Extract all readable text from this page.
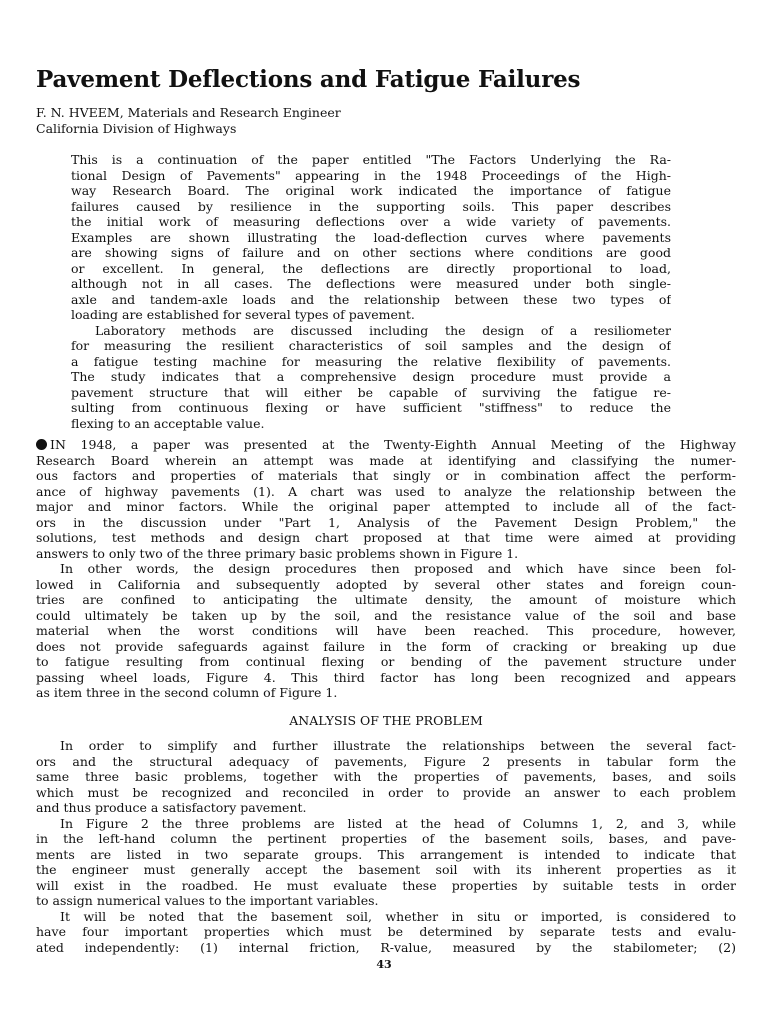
Pavement Deflections and Fatigue Failures
F. N. HVEEM, Materials and Research Engineer
California Division of Highways
This is a continuation of the paper entitled "The Factors Underlying the Ra-
tional Design of Pavements" appearing in the 1948 Proceedings of the High-
way Research Board. The original work indicated the importance of fatigue
failures caused by resilience in the supporting soils. This paper describes
the initial work of measuring deflections over a wide variety of pavements.
Examples are shown illustrating the load-deflection curves where pavements
are showing signs of failure and on other sections where conditions are good
or excellent. In general, the deflections are directly proportional to load,
although not in all cases. The deflections were measured under both single-
axle and tandem-axle loads and the relationship between these two types of
loading are established for several types of pavement.
Laboratory methods are discussed including the design of a resiliometer
for measuring the resilient characteristics of soil samples and the design of
a fatigue testing machine for measuring the relative flexibility of pavements.
The study indicates that a comprehensive design procedure must provide a
pavement structure that will either be capable of surviving the fatigue re-
sulting from continuous flexing or have sufficient "stiffness" to reduce the
flexing to an acceptable value.
IN 1948, a paper was presented at the Twenty-Eighth Annual Meeting of the Highway
Research Board wherein an attempt was made at identifying and classifying the numer-
ous factors and properties of materials that singly or in combination affect the perform-
ance of highway pavements (1). A chart was used to analyze the relationship between the
major and minor factors. While the original paper attempted to include all of the fact-
ors in the discussion under "Part 1, Analysis of the Pavement Design Problem," the
solutions, test methods and design chart proposed at that time were aimed at providing
answers to only two of the three primary basic problems shown in Figure 1.
In other words, the design procedures then proposed and which have since been fol-
lowed in California and subsequently adopted by several other states and foreign coun-
tries are confined to anticipating the ultimate density, the amount of moisture which
could ultimately be taken up by the soil, and the resistance value of the soil and base
material when the worst conditions will have been reached. This procedure, however,
does not provide safeguards against failure in the form of cracking or breaking up due
to fatigue resulting from continual flexing or bending of the pavement structure under
passing wheel loads, Figure 4. This third factor has long been recognized and appears
as item three in the second column of Figure 1.
ANALYSIS OF THE PROBLEM
In order to simplify and further illustrate the relationships between the several fact-
ors and the structural adequacy of pavements, Figure 2 presents in tabular form the
same three basic problems, together with the properties of pavements, bases, and soils
which must be recognized and reconciled in order to provide an answer to each problem
and thus produce a satisfactory pavement.
In Figure 2 the three problems are listed at the head of Columns 1, 2, and 3, while
in the left-hand column the pertinent properties of the basement soils, bases, and pave-
ments are listed in two separate groups. This arrangement is intended to indicate that
the engineer must generally accept the basement soil with its inherent properties as it
will exist in the roadbed. He must evaluate these properties by suitable tests in order
to assign numerical values to the important variables.
It will be noted that the basement soil, whether in situ or imported, is considered to
have four important properties which must be determined by separate tests and evalu-
ated independently: (1) internal friction, R-value, measured by the stabilometer; (2)
43
